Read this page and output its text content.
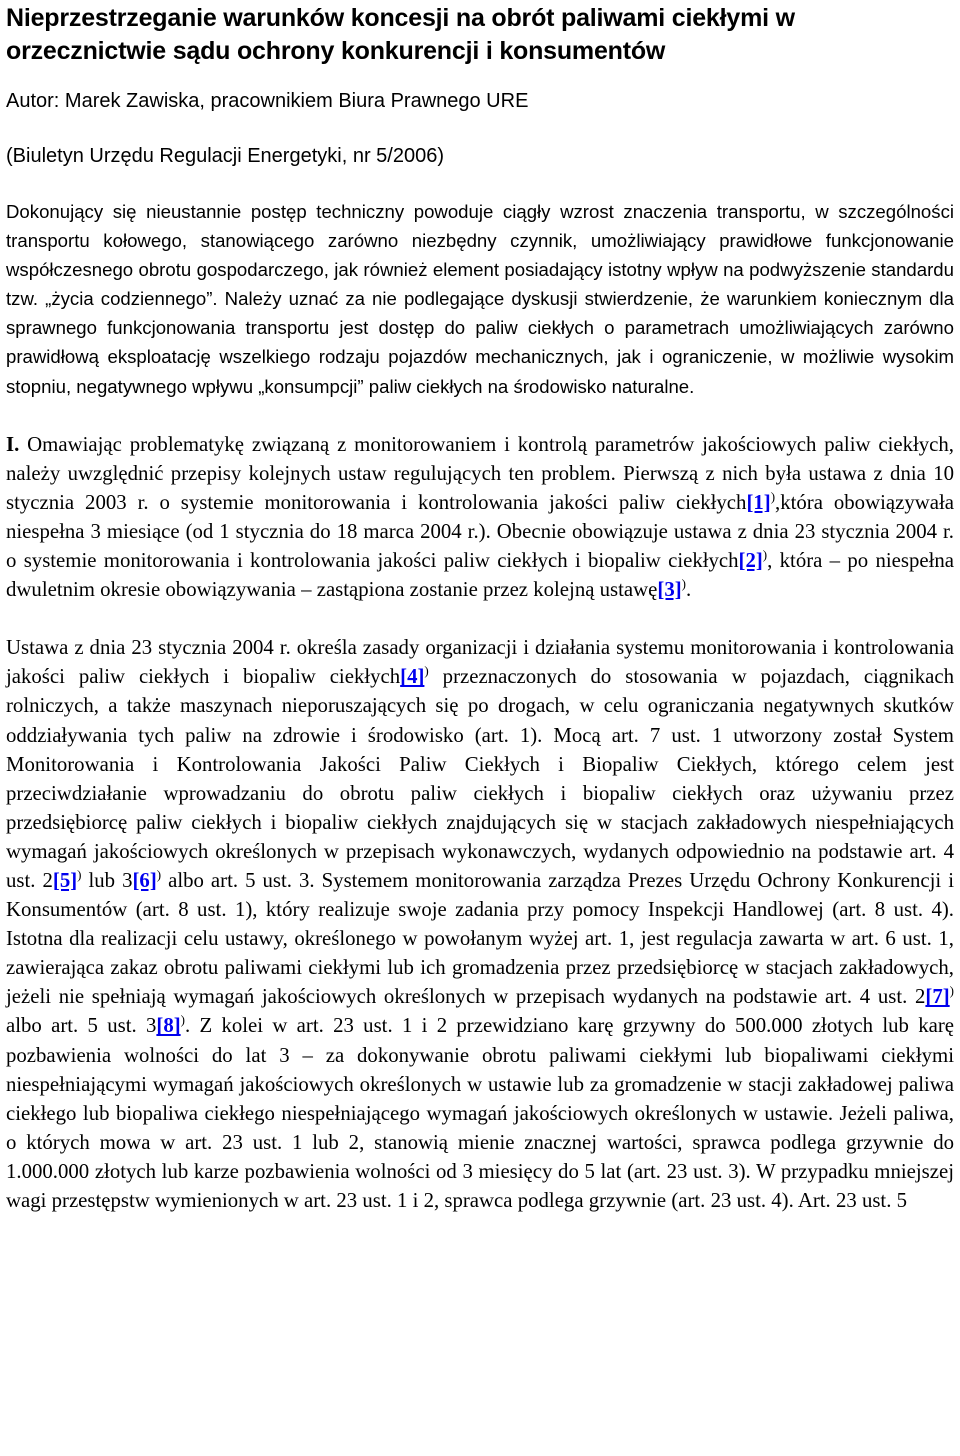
Nieprzestrzeganie warunków koncesji na obrót paliwami ciekłymi w orzecznictwie sądu ochrony konkurencji i konsumentów
Autor: Marek Zawiska, pracownikiem Biura Prawnego URE
(Biuletyn Urzędu Regulacji Energetyki, nr 5/2006)

Dokonujący się nieustannie postęp techniczny powoduje ciągły wzrost znaczenia transportu, w szczególności transportu kołowego, stanowiącego zarówno niezbędny czynnik, umożliwiający prawidłowe funkcjonowanie współczesnego obrotu gospodarczego, jak również element posiadający istotny wpływ na podwyższenie standardu tzw. „życia codziennego”. Należy uznać za nie podlegające dyskusji stwierdzenie, że warunkiem koniecznym dla sprawnego funkcjonowania transportu jest dostęp do paliw ciekłych o parametrach umożliwiających zarówno prawidłową eksploatację wszelkiego rodzaju pojazdów mechanicznych, jak i ograniczenie, w możliwie wysokim stopniu, negatywnego wpływu „konsumpcji” paliw ciekłych na środowisko naturalne.

I. Omawiając problematykę związaną z monitorowaniem i kontrolą parametrów jakościowych paliw ciekłych, należy uwzględnić przepisy kolejnych ustaw regulujących ten problem. Pierwszą z nich była ustawa z dnia 10 stycznia 2003 r. o systemie monitorowania i kontrolowania jakości paliw ciekłych[1]),która obowiązywała niespełna 3 miesiące (od 1 stycznia do 18 marca 2004 r.). Obecnie obowiązuje ustawa z dnia 23 stycznia 2004 r. o systemie monitorowania i kontrolowania jakości paliw ciekłych i biopaliw ciekłych[2]), która – po niespełna dwuletnim okresie obowiązywania – zastąpiona zostanie przez kolejną ustawę[3]).

Ustawa z dnia 23 stycznia 2004 r. określa zasady organizacji i działania systemu monitorowania i kontrolowania jakości paliw ciekłych i biopaliw ciekłych[4]) przeznaczonych do stosowania w pojazdach, ciągnikach rolniczych, a także maszynach nieporuszających się po drogach, w celu ograniczania negatywnych skutków oddziaływania tych paliw na zdrowie i środowisko (art. 1). Mocą art. 7 ust. 1 utworzony został System Monitorowania i Kontrolowania Jakości Paliw Ciekłych i Biopaliw Ciekłych, którego celem jest przeciwdziałanie wprowadzaniu do obrotu paliw ciekłych i biopaliw ciekłych oraz używaniu przez przedsiębiorcę paliw ciekłych i biopaliw ciekłych znajdujących się w stacjach zakładowych niespełniających wymagań jakościowych określonych w przepisach wykonawczych, wydanych odpowiednio na podstawie art. 4 ust. 2[5]) lub 3[6]) albo art. 5 ust. 3. Systemem monitorowania zarządza Prezes Urzędu Ochrony Konkurencji i Konsumentów (art. 8 ust. 1), który realizuje swoje zadania przy pomocy Inspekcji Handlowej (art. 8 ust. 4). Istotna dla realizacji celu ustawy, określonego w powołanym wyżej art. 1, jest regulacja zawarta w art. 6 ust. 1, zawierająca zakaz obrotu paliwami ciekłymi lub ich gromadzenia przez przedsiębiorcę w stacjach zakładowych, jeżeli nie spełniają wymagań jakościowych określonych w przepisach wydanych na podstawie art. 4 ust. 2[7]) albo art. 5 ust. 3[8]). Z kolei w art. 23 ust. 1 i 2 przewidziano karę grzywny do 500.000 złotych lub karę pozbawienia wolności do lat 3 – za dokonywanie obrotu paliwami ciekłymi lub biopaliwami ciekłymi niespełniającymi wymagań jakościowych określonych w ustawie lub za gromadzenie w stacji zakładowej paliwa ciekłego lub biopaliwa ciekłego niespełniającego wymagań jakościowych określonych w ustawie. Jeżeli paliwa, o których mowa w art. 23 ust. 1 lub 2, stanowią mienie znacznej wartości, sprawca podlega grzywnie do 1.000.000 złotych lub karze pozbawienia wolności od 3 miesięcy do 5 lat (art. 23 ust. 3). W przypadku mniejszej wagi przestępstw wymienionych w art. 23 ust. 1 i 2, sprawca podlega grzywnie (art. 23 ust. 4). Art. 23 ust. 5
